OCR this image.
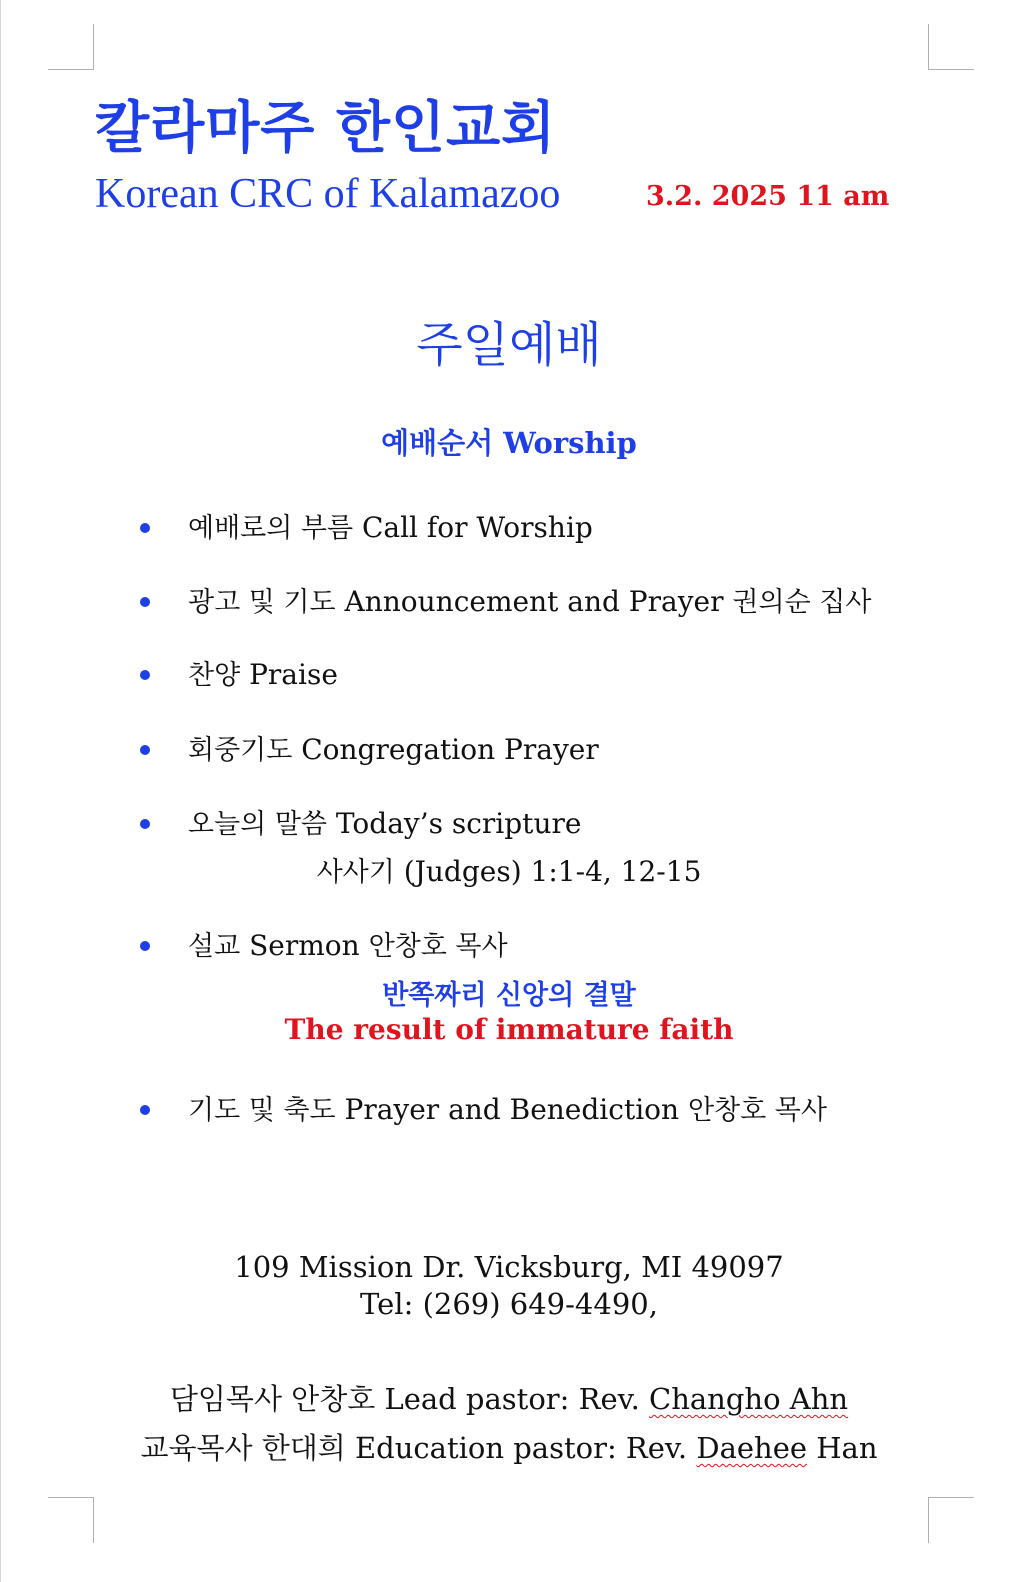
칼라마주 한인교회
Korean CRC of Kalamazoo	3.2. 2025 11 am
주일예배
예배순서 Worship
예배로의 부름 Call for Worship
광고 및 기도 Announcement and Prayer 권의순 집사
찬양 Praise
회중기도 Congregation Prayer
오늘의 말씀 Today’s scripture
사사기 (Judges) 1:1-4, 12-15
설교 Sermon 안창호 목사
반쪽짜리 신앙의 결말
The result of immature faith
기도 및 축도 Prayer and Benediction 안창호 목사
109 Mission Dr. Vicksburg, MI 49097
Tel: (269) 649-4490,
담임목사 안창호 Lead pastor: Rev. Changho Ahn
교육목사 한대희 Education pastor: Rev. Daehee Han
